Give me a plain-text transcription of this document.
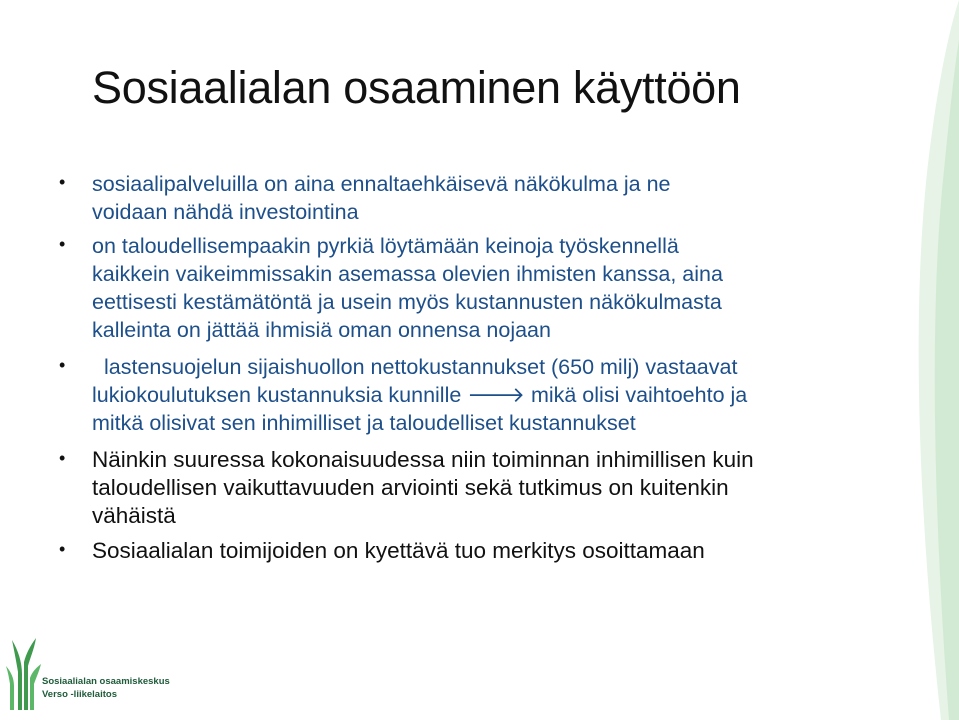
Sosiaalialan osaaminen käyttöön
• sosiaalipalveluilla on aina ennaltaehkäisevä näkökulma ja ne
voidaan nähdä investointina
• on taloudellisempaakin pyrkiä löytämään keinoja työskennellä
kaikkein vaikeimmissakin asemassa olevien ihmisten kanssa, aina
eettisesti kestämätöntä ja usein myös kustannusten näkökulmasta
kalleinta on jättää ihmisiä oman onnensa nojaan
• lastensuojelun sijaishuollon nettokustannukset (650 milj) vastaavat
lukiokoulutuksen kustannuksia kunnille 🡒 mikä olisi vaihtoehto ja
mitkä olisivat sen inhimilliset ja taloudelliset kustannukset
• Näinkin suuressa kokonaisuudessa niin toiminnan inhimillisen kuin
taloudellisen vaikuttavuuden arviointi sekä tutkimus on kuitenkin
vähäistä
• Sosiaalialan toimijoiden on kyettävä tuo merkitys osoittamaan
Sosiaalialan osaamiskeskus
Verso -liikelaitos
